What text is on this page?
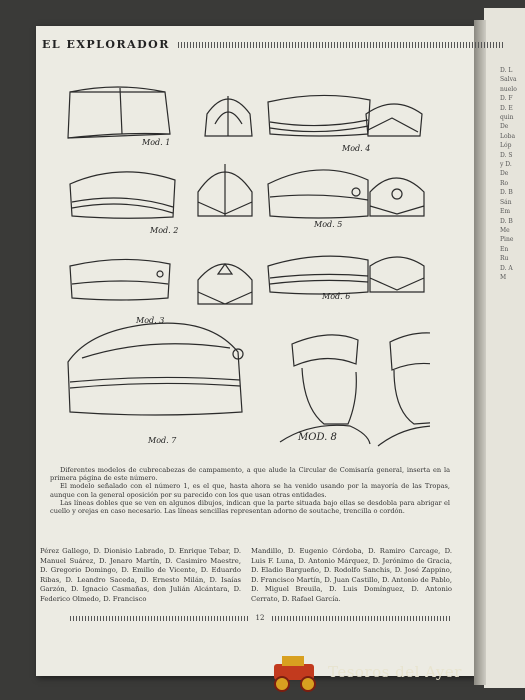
D. L
Salva
nuelo
D. F
D. E
quin
De
Loba
Lóp
D. S
y D.
De
Ro
D. B
Sán
Em
D. B
Me
Pine
En
Ru
D. A
M
EL EXPLORADOR
Mod. 1
Mod. 4
Mod. 2
Mod. 5
Mod. 3
Mod. 6
Mod. 7	MOD. 8

Diferentes modelos de cubrecabezas de campamento, a que alude la Circular de Comisaría general, inserta en la primera página de este número.

El modelo señalado con el número 1, es el que, hasta ahora se ha venido usando por la mayoría de las Tropas, aunque con la general oposición por su parecido con los que usan otras entidades.

Las líneas dobles que se ven en algunos dibujos, indican que la parte situada bajo ellas se desdobla para abrigar el cuello y orejas en caso necesario. Las líneas sencillas representan adorno de soutache, trencilla o cordón.

Pérez Gallego, D. Dionisio Labrado, D. Enrique Tebar, D. Manuel Suárez, D. Jenaro Martín, D. Casimiro Maestre, D. Gregorio Domingo, D. Emilio de Vicente, D. Eduardo Ribas, D. Leandro Saceda, D. Ernesto Milán, D. Isaías Garzón, D. Ignacio Casmañas, don Julián Alcántara, D. Federico Olmedo, D. Francisco
Mandillo, D. Eugenio Córdoba, D. Ramiro Carcage, D. Luis F. Luna, D. Antonio Márquez, D. Jerónimo de Gracia, D. Eladio Bargueño, D. Rodolfo Sanchis, D. José Zappino, D. Francisco Martín, D. Juan Castillo, D. Antonio de Pablo, D. Miguel Breuila, D. Luis Domínguez, D. Antonio Cerrato, D. Rafael García.
12
Tesoros del Ayer
